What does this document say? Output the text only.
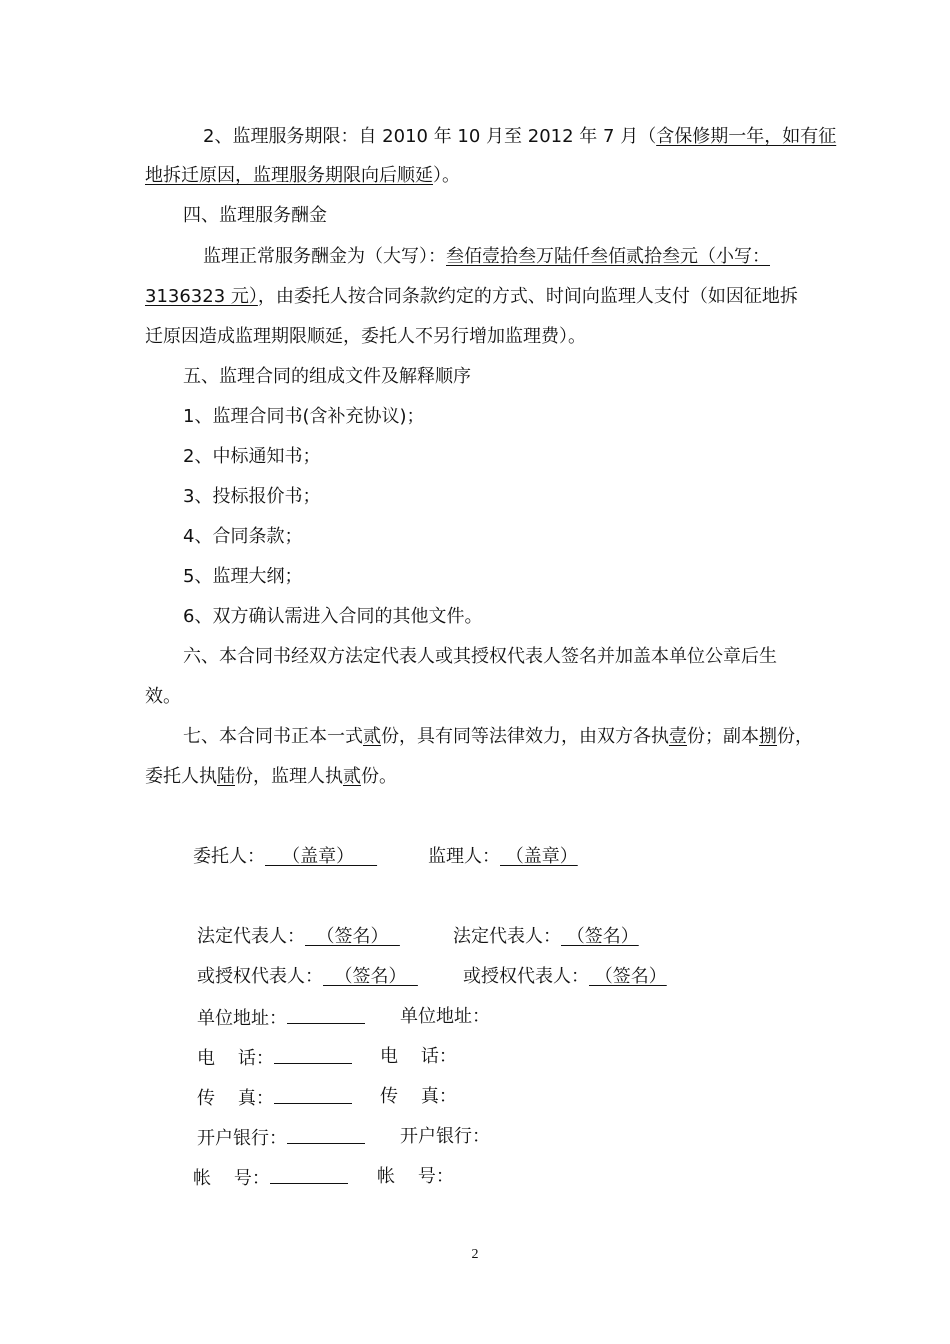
2、监理服务期限：自 2010 年 10 月至 2012 年 7 月（含保修期一年，如有征
地拆迁原因，监理服务期限向后顺延）。
四、监理服务酬金
监理正常服务酬金为（大写）：叁佰壹拾叁万陆仟叁佰贰拾叁元（小写：
3136323 元），由委托人按合同条款约定的方式、时间向监理人支付（如因征地拆
迁原因造成监理期限顺延，委托人不另行增加监理费）。
五、监理合同的组成文件及解释顺序
1、监理合同书(含补充协议)；
2、中标通知书；
3、投标报价书；
4、合同条款；
5、监理大纲；
6、双方确认需进入合同的其他文件。
六、本合同书经双方法定代表人或其授权代表人签名并加盖本单位公章后生
效。
七、本合同书正本一式贰份，具有同等法律效力，由双方各执壹份；副本捌份，
委托人执陆份，监理人执贰份。
委托人：   （盖章）	监理人： （盖章）
法定代表人：  （签名）	法定代表人： （签名）
或授权代表人：  （签名）	或授权代表人： （签名）
单位地址：	单位地址：
电    话：	电    话：
传    真：	传    真：
开户银行：	开户银行：
帐    号：	帐    号：
2
